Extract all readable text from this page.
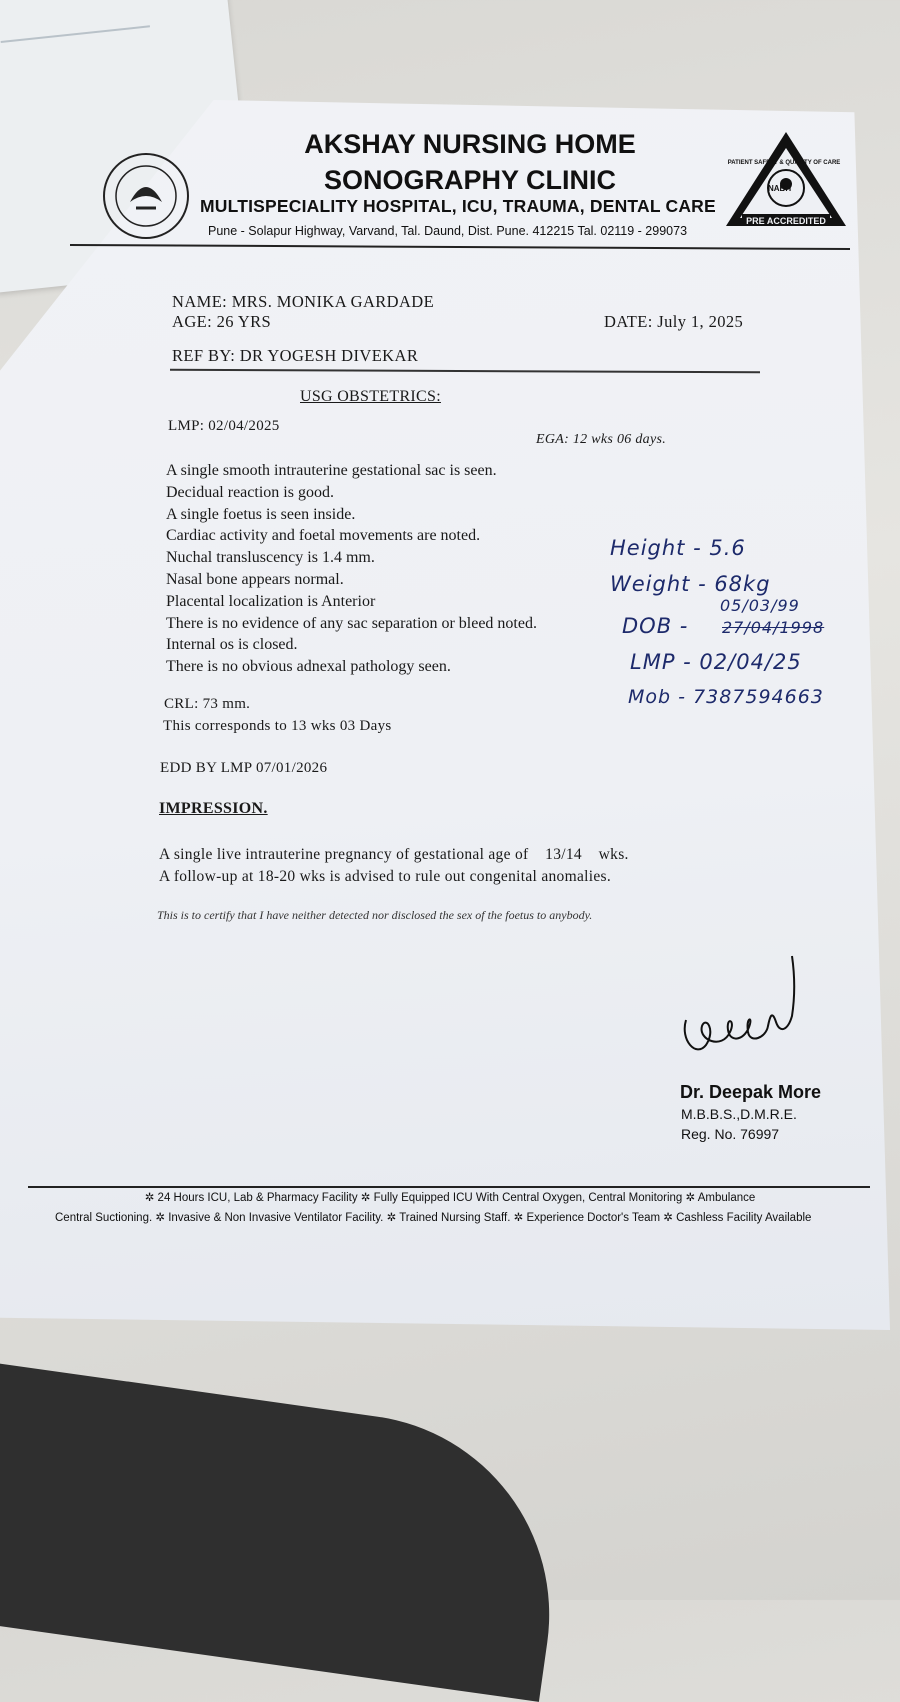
NABH
PATIENT SAFETY & QUALITY OF CARE
PRE ACCREDITED
AKSHAY NURSING HOME
SONOGRAPHY CLINIC
MULTISPECIALITY HOSPITAL, ICU, TRAUMA, DENTAL CARE
Pune - Solapur Highway, Varvand, Tal. Daund, Dist. Pune. 412215 Tal. 02119 - 299073
NAME: MRS. MONIKA GARDADE
AGE: 26 YRS
REF BY: DR YOGESH DIVEKAR
DATE: July 1, 2025
USG OBSTETRICS:
LMP: 02/04/2025
EGA: 12 wks 06 days.
A single smooth intrauterine gestational sac is seen.
Decidual reaction is good.
A single foetus is seen inside.
Cardiac activity and foetal movements are noted.
Nuchal transluscency is 1.4 mm.
Nasal bone appears normal.
Placental localization is Anterior
There is no evidence of any sac separation or bleed noted.
Internal os is closed.
There is no obvious adnexal pathology seen.
CRL: 73 mm.
This corresponds to 13 wks 03 Days
EDD BY LMP 07/01/2026
IMPRESSION.
A single live intrauterine pregnancy of gestational age of    13/14    wks.
A follow-up at 18-20 wks is advised to rule out congenital anomalies.
This is to certify that I have neither detected nor disclosed the sex of the foetus to anybody.
Height - 5.6
Weight - 68kg
05/03/99
DOB - 27/04/1998
LMP - 02/04/25
Mob - 7387594663
Dr. Deepak More
M.B.B.S.,D.M.R.E.
Reg. No. 76997
✲ 24 Hours ICU, Lab & Pharmacy Facility ✲ Fully Equipped ICU With Central Oxygen, Central Monitoring ✲ Ambulance
Central Suctioning. ✲ Invasive & Non Invasive Ventilator Facility. ✲ Trained Nursing Staff. ✲ Experience Doctor's Team ✲ Cashless Facility Available
